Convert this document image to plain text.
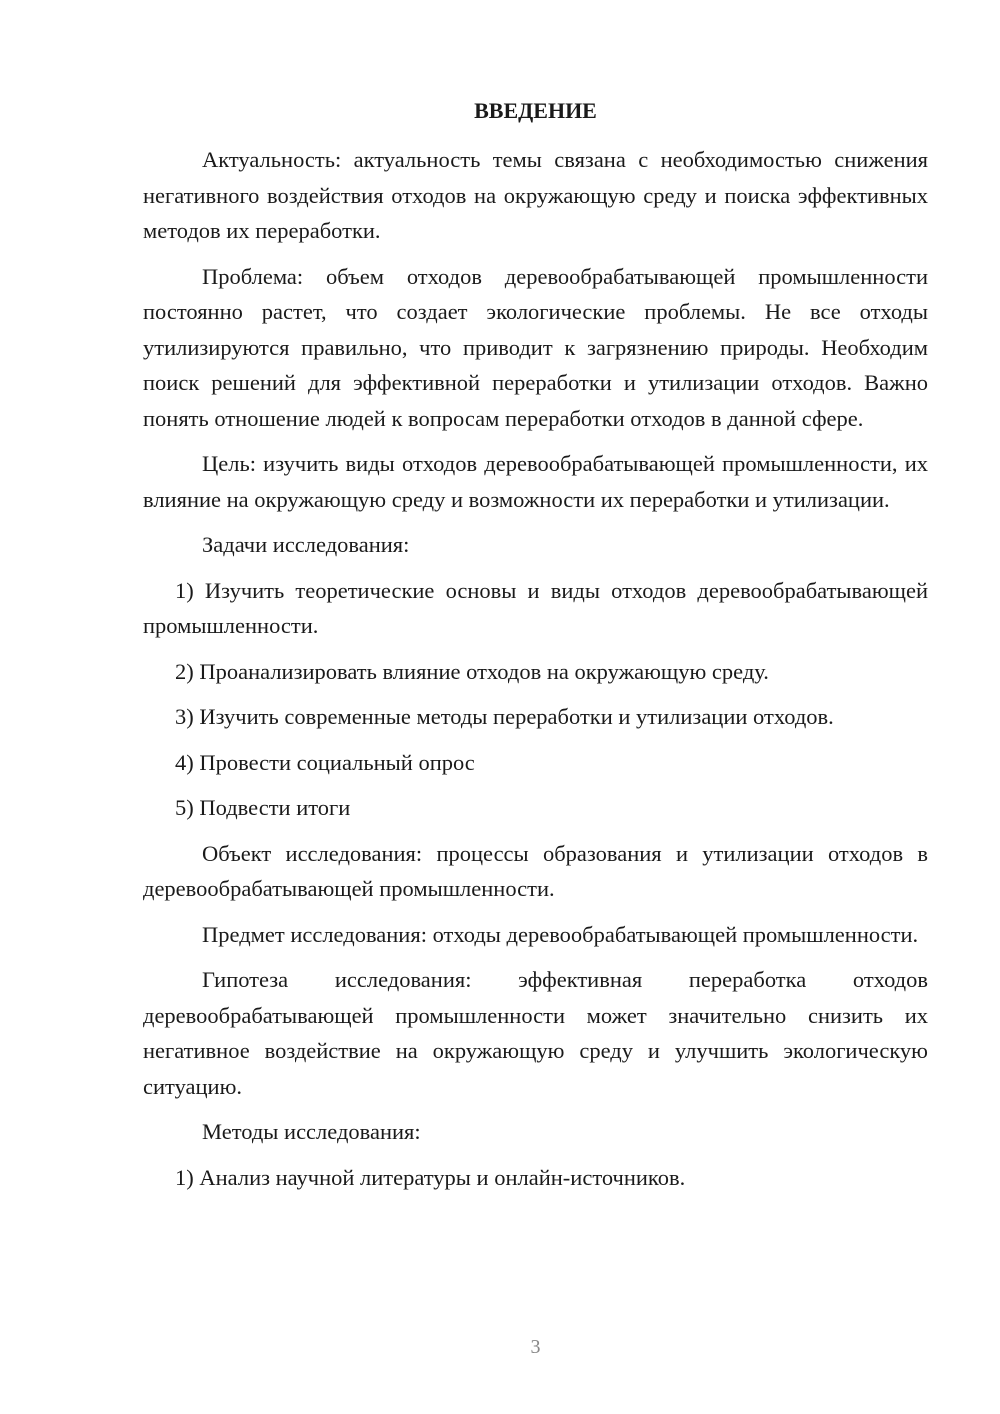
ВВЕДЕНИЕ

Актуальность: актуальность темы связана с необходимостью снижения негативного воздействия отходов на окружающую среду и поиска эффективных методов их переработки.

Проблема: объем отходов деревообрабатывающей промышленности постоянно растет, что создает экологические проблемы. Не все отходы утилизируются правильно, что приводит к загрязнению природы. Необходим поиск решений для эффективной переработки и утилизации отходов. Важно понять отношение людей к вопросам переработки отходов в данной сфере.

Цель: изучить виды отходов деревообрабатывающей промышленности, их влияние на окружающую среду и возможности их переработки и утилизации.

Задачи исследования:

1) Изучить теоретические основы и виды отходов деревообрабатывающей промышленности.

2) Проанализировать влияние отходов на окружающую среду.

3) Изучить современные методы переработки и утилизации отходов.

4) Провести социальный опрос

5) Подвести итоги

Объект исследования: процессы образования и утилизации отходов в деревообрабатывающей промышленности.

Предмет исследования: отходы деревообрабатывающей промышленности.

Гипотеза исследования: эффективная переработка отходов деревообрабатывающей промышленности может значительно снизить их негативное воздействие на окружающую среду и улучшить экологическую ситуацию.

Методы исследования:

1) Анализ научной литературы и онлайн-источников.

3
